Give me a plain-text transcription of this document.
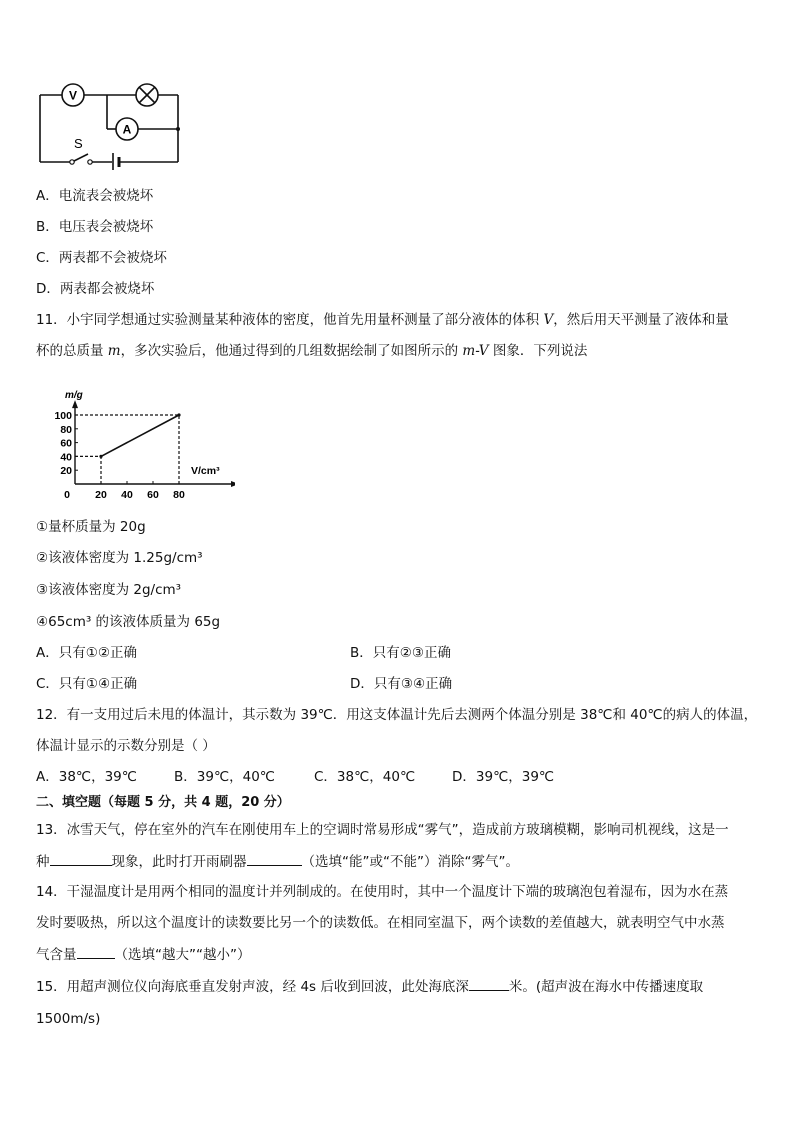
V
A
S
A．电流表会被烧坏
B．电压表会被烧坏
C．两表都不会被烧坏
D．两表都会被烧坏
11．小宇同学想通过实验测量某种液体的密度，他首先用量杯测量了部分液体的体积 V，然后用天平测量了液体和量
杯的总质量 m，多次实验后，他通过得到的几组数据绘制了如图所示的 m-V 图象．下列说法
m/g
V/cm³
0 20 40 60 80
20
40
60
80
100
①量杯质量为 20g
②该液体密度为 1.25g/cm³
③该液体密度为 2g/cm³
④65cm³ 的该液体质量为 65g
A．只有①②正确	B．只有②③正确
C．只有①④正确	D．只有③④正确
12．有一支用过后未甩的体温计，其示数为 39℃．用这支体温计先后去测两个体温分别是 38℃和 40℃的病人的体温，
体温计显示的示数分别是（ ）
A．38℃，39℃	B．39℃，40℃	C．38℃，40℃	D．39℃，39℃
二、填空题（每题 5 分，共 4 题，20 分）
13．冰雪天气，停在室外的汽车在刚使用车上的空调时常易形成“雾气”，造成前方玻璃模糊，影响司机视线，这是一
种	现象，此时打开雨刷器	（选填“能”或“不能”）消除“雾气”。
14．干湿温度计是用两个相同的温度计并列制成的。在使用时，其中一个温度计下端的玻璃泡包着湿布，因为水在蒸
发时要吸热，所以这个温度计的读数要比另一个的读数低。在相同室温下，两个读数的差值越大，就表明空气中水蒸
气含量	（选填“越大”“越小”）
15．用超声测位仪向海底垂直发射声波，经 4s 后收到回波，此处海底深	米。(超声波在海水中传播速度取
1500m/s)
